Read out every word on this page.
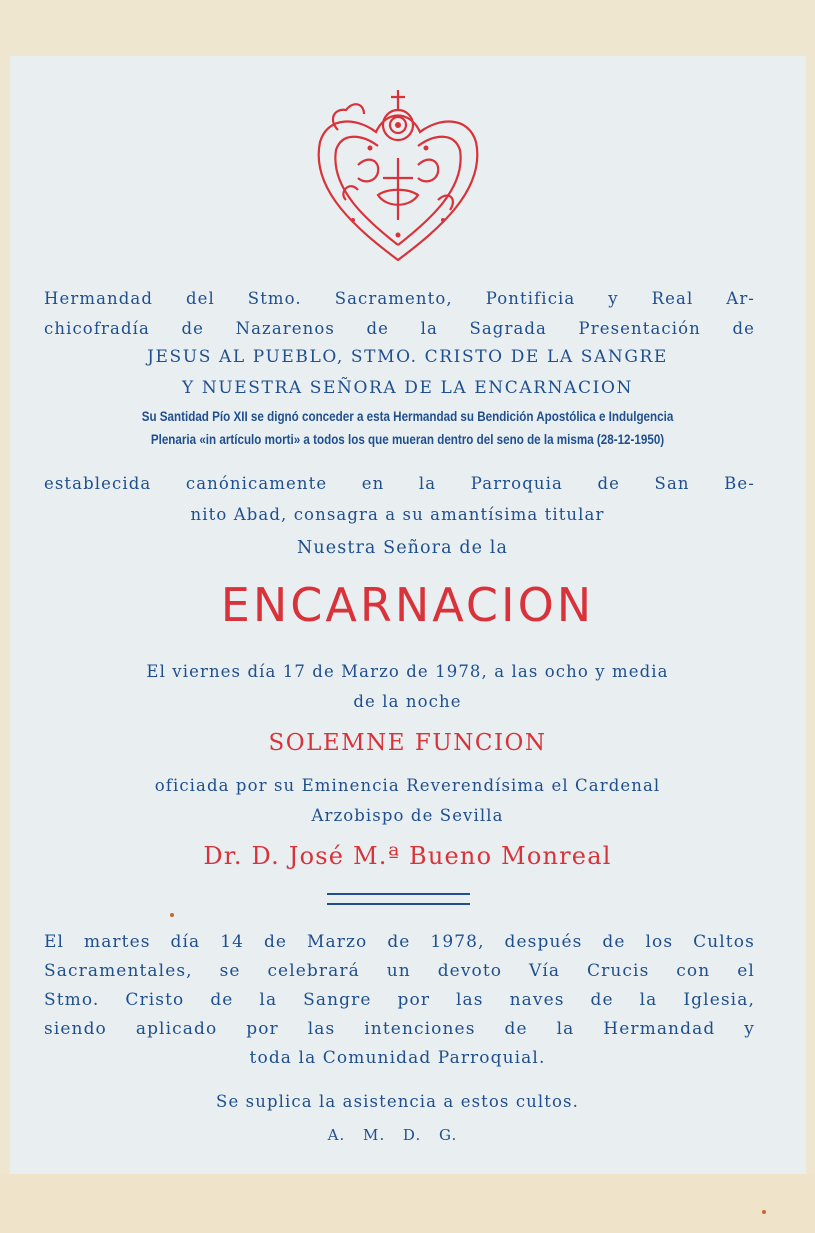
Hermandad del Stmo. Sacramento, Pontificia y Real Ar-

chicofradía de Nazarenos de la Sagrada Presentación de

JESUS AL PUEBLO, STMO. CRISTO DE LA SANGRE

Y NUESTRA SEÑORA DE LA ENCARNACION

Su Santidad Pío XII se dignó conceder a esta Hermandad su Bendición Apostólica e Indulgencia

Plenaria «in artículo morti» a todos los que mueran dentro del seno de la misma (28-12-1950)

establecida canónicamente en la Parroquia de San Be-

nito Abad, consagra a su amantísima titular

Nuestra Señora de la

ENCARNACION

El viernes día 17 de Marzo de 1978, a las ocho y media

de la noche

SOLEMNE FUNCION

oficiada por su Eminencia Reverendísima el Cardenal

Arzobispo de Sevilla

Dr. D. José M.ª Bueno Monreal

El martes día 14 de Marzo de 1978, después de los Cultos

Sacramentales, se celebrará un devoto Vía Crucis con el

Stmo. Cristo de la Sangre por las naves de la Iglesia,

siendo aplicado por las intenciones de la Hermandad y

toda la Comunidad Parroquial.

Se suplica la asistencia a estos cultos.

A.   M.   D.   G.
